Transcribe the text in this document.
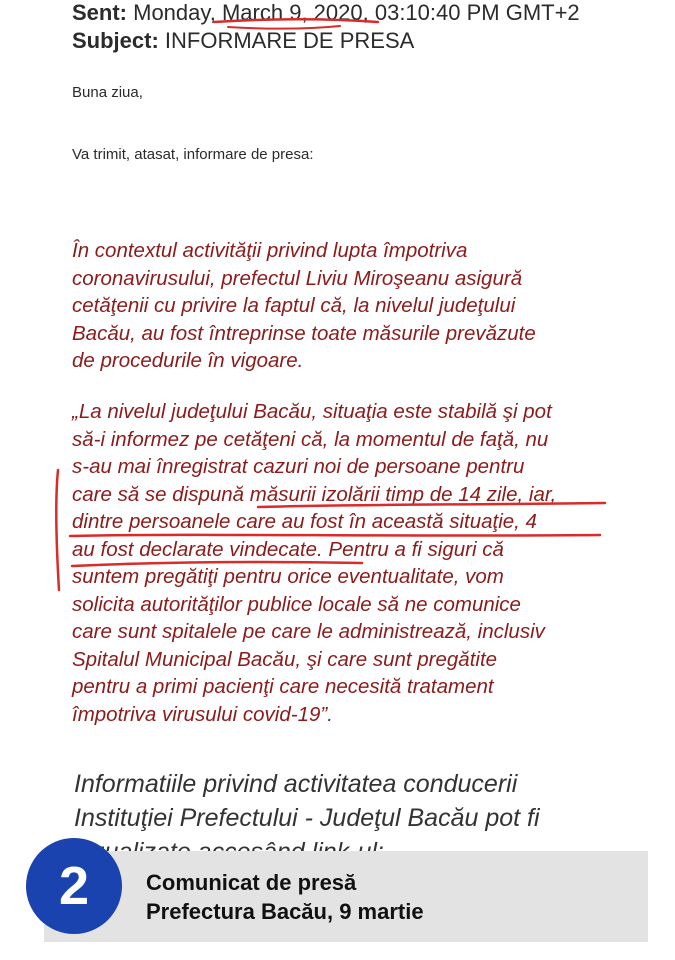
Sent: Monday, March 9, 2020, 03:10:40 PM GMT+2
Subject: INFORMARE DE PRESA
Buna ziua,
Va trimit, atasat, informare de presa:

În contextul activităţii privind lupta împotriva
coronavirusului, prefectul Liviu Miroşeanu asigură
cetăţenii cu privire la faptul că, la nivelul judeţului
Bacău, au fost întreprinse toate măsurile prevăzute
de procedurile în vigoare.

„La nivelul judeţului Bacău, situaţia este stabilă şi pot
să-i informez pe cetăţeni că, la momentul de faţă, nu
s-au mai înregistrat cazuri noi de persoane pentru
care să se dispună măsurii izolării timp de 14 zile, iar,
dintre persoanele care au fost în această situaţie, 4
au fost declarate vindecate. Pentru a fi siguri că
suntem pregătiţi pentru orice eventualitate, vom
solicita autorităţilor publice locale să ne comunice
care sunt spitalele pe care le administrează, inclusiv
Spitalul Municipal Bacău, şi care sunt pregătite
pentru a primi pacienţi care necesită tratament
împotriva virusului covid-19”.

Informatiile privind activitatea conducerii
Instituţiei Prefectului - Judeţul Bacău pot fi
2	Comunicat de presă
Prefectura Bacău, 9 martie
